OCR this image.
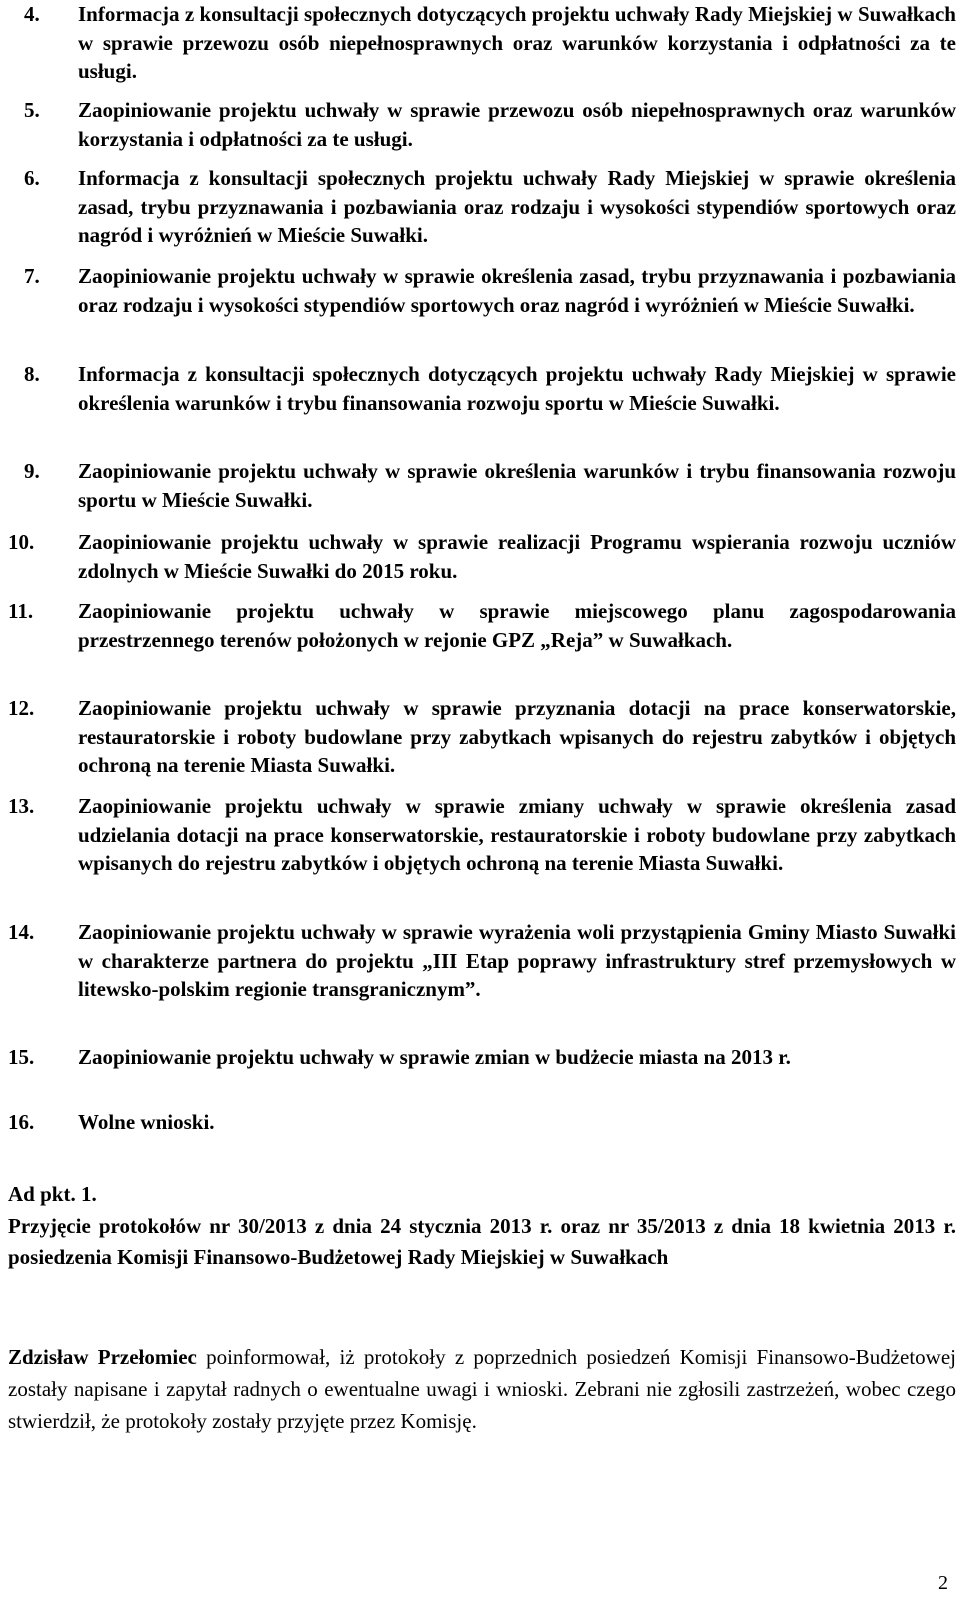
4. Informacja z konsultacji społecznych dotyczących projektu uchwały Rady Miejskiej w Suwałkach w sprawie przewozu osób niepełnosprawnych oraz warunków korzystania i odpłatności za te usługi.
5. Zaopiniowanie projektu uchwały w sprawie przewozu osób niepełnosprawnych oraz warunków korzystania i odpłatności za te usługi.
6. Informacja z konsultacji społecznych projektu uchwały Rady Miejskiej w sprawie określenia zasad, trybu przyznawania i pozbawiania oraz rodzaju i wysokości stypendiów sportowych oraz nagród i wyróżnień w Mieście Suwałki.
7. Zaopiniowanie projektu uchwały w sprawie określenia zasad, trybu przyznawania i pozbawiania oraz rodzaju i wysokości stypendiów sportowych oraz nagród i wyróżnień w Mieście Suwałki.
8. Informacja z konsultacji społecznych dotyczących projektu uchwały Rady Miejskiej w sprawie określenia warunków i trybu finansowania rozwoju sportu w Mieście Suwałki.
9. Zaopiniowanie projektu uchwały w sprawie określenia warunków i trybu finansowania rozwoju sportu w Mieście Suwałki.
10. Zaopiniowanie projektu uchwały w sprawie realizacji Programu wspierania rozwoju uczniów zdolnych w Mieście Suwałki do 2015 roku.
11. Zaopiniowanie projektu uchwały w sprawie miejscowego planu zagospodarowania przestrzennego terenów położonych w rejonie GPZ „Reja” w Suwałkach.
12. Zaopiniowanie projektu uchwały w sprawie przyznania dotacji na prace konserwatorskie, restauratorskie i roboty budowlane przy zabytkach wpisanych do rejestru zabytków i objętych ochroną na terenie Miasta Suwałki.
13. Zaopiniowanie projektu uchwały w sprawie zmiany uchwały w sprawie określenia zasad udzielania dotacji na prace konserwatorskie, restauratorskie i roboty budowlane przy zabytkach wpisanych do rejestru zabytków i objętych ochroną na terenie Miasta Suwałki.
14. Zaopiniowanie projektu uchwały w sprawie wyrażenia woli przystąpienia Gminy Miasto Suwałki w charakterze partnera do projektu „III Etap poprawy infrastruktury stref przemysłowych w litewsko-polskim regionie transgranicznym”.
15. Zaopiniowanie projektu uchwały w sprawie zmian w budżecie miasta na 2013 r.
16. Wolne wnioski.
Ad pkt. 1.
Przyjęcie protokołów nr 30/2013 z dnia 24 stycznia 2013 r. oraz nr 35/2013 z dnia 18 kwietnia 2013 r. posiedzenia Komisji Finansowo-Budżetowej Rady Miejskiej w Suwałkach

Zdzisław Przełomiec poinformował, iż protokoły z poprzednich posiedzeń Komisji Finansowo-Budżetowej zostały napisane i zapytał radnych o ewentualne uwagi i wnioski. Zebrani nie zgłosili zastrzeżeń, wobec czego stwierdził, że protokoły zostały przyjęte przez Komisję.

2
